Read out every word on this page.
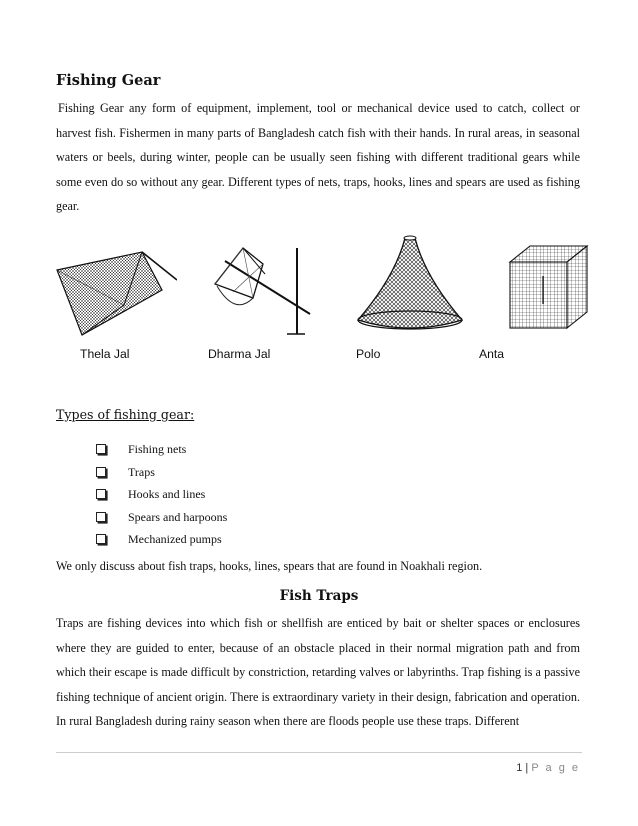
Fishing Gear

Fishing Gear any form of equipment, implement, tool or mechanical device used to catch, collect or harvest fish. Fishermen in many parts of Bangladesh catch fish with their hands. In rural areas, in seasonal waters or beels, during winter, people can be usually seen fishing with different traditional gears while some even do so without any gear. Different types of nets, traps, hooks, lines and spears are used as fishing gear.

Thela Jal	Dharma Jal	Polo	Anta
Types of fishing gear:
Fishing nets
Traps
Hooks and lines
Spears and harpoons
Mechanized pumps

We only discuss about fish traps, hooks, lines, spears that are found in Noakhali region.

Fish Traps

Traps are fishing devices into which fish or shellfish are enticed by bait or shelter spaces or enclosures where they are guided to enter, because of an obstacle placed in their normal migration path and from which their escape is made difficult by constriction, retarding valves or labyrinths. Trap fishing is a passive fishing technique of ancient origin. There is extraordinary variety in their design, fabrication and operation. In rural Bangladesh during rainy season when there are floods people use these traps. Different

1 | P a g e
